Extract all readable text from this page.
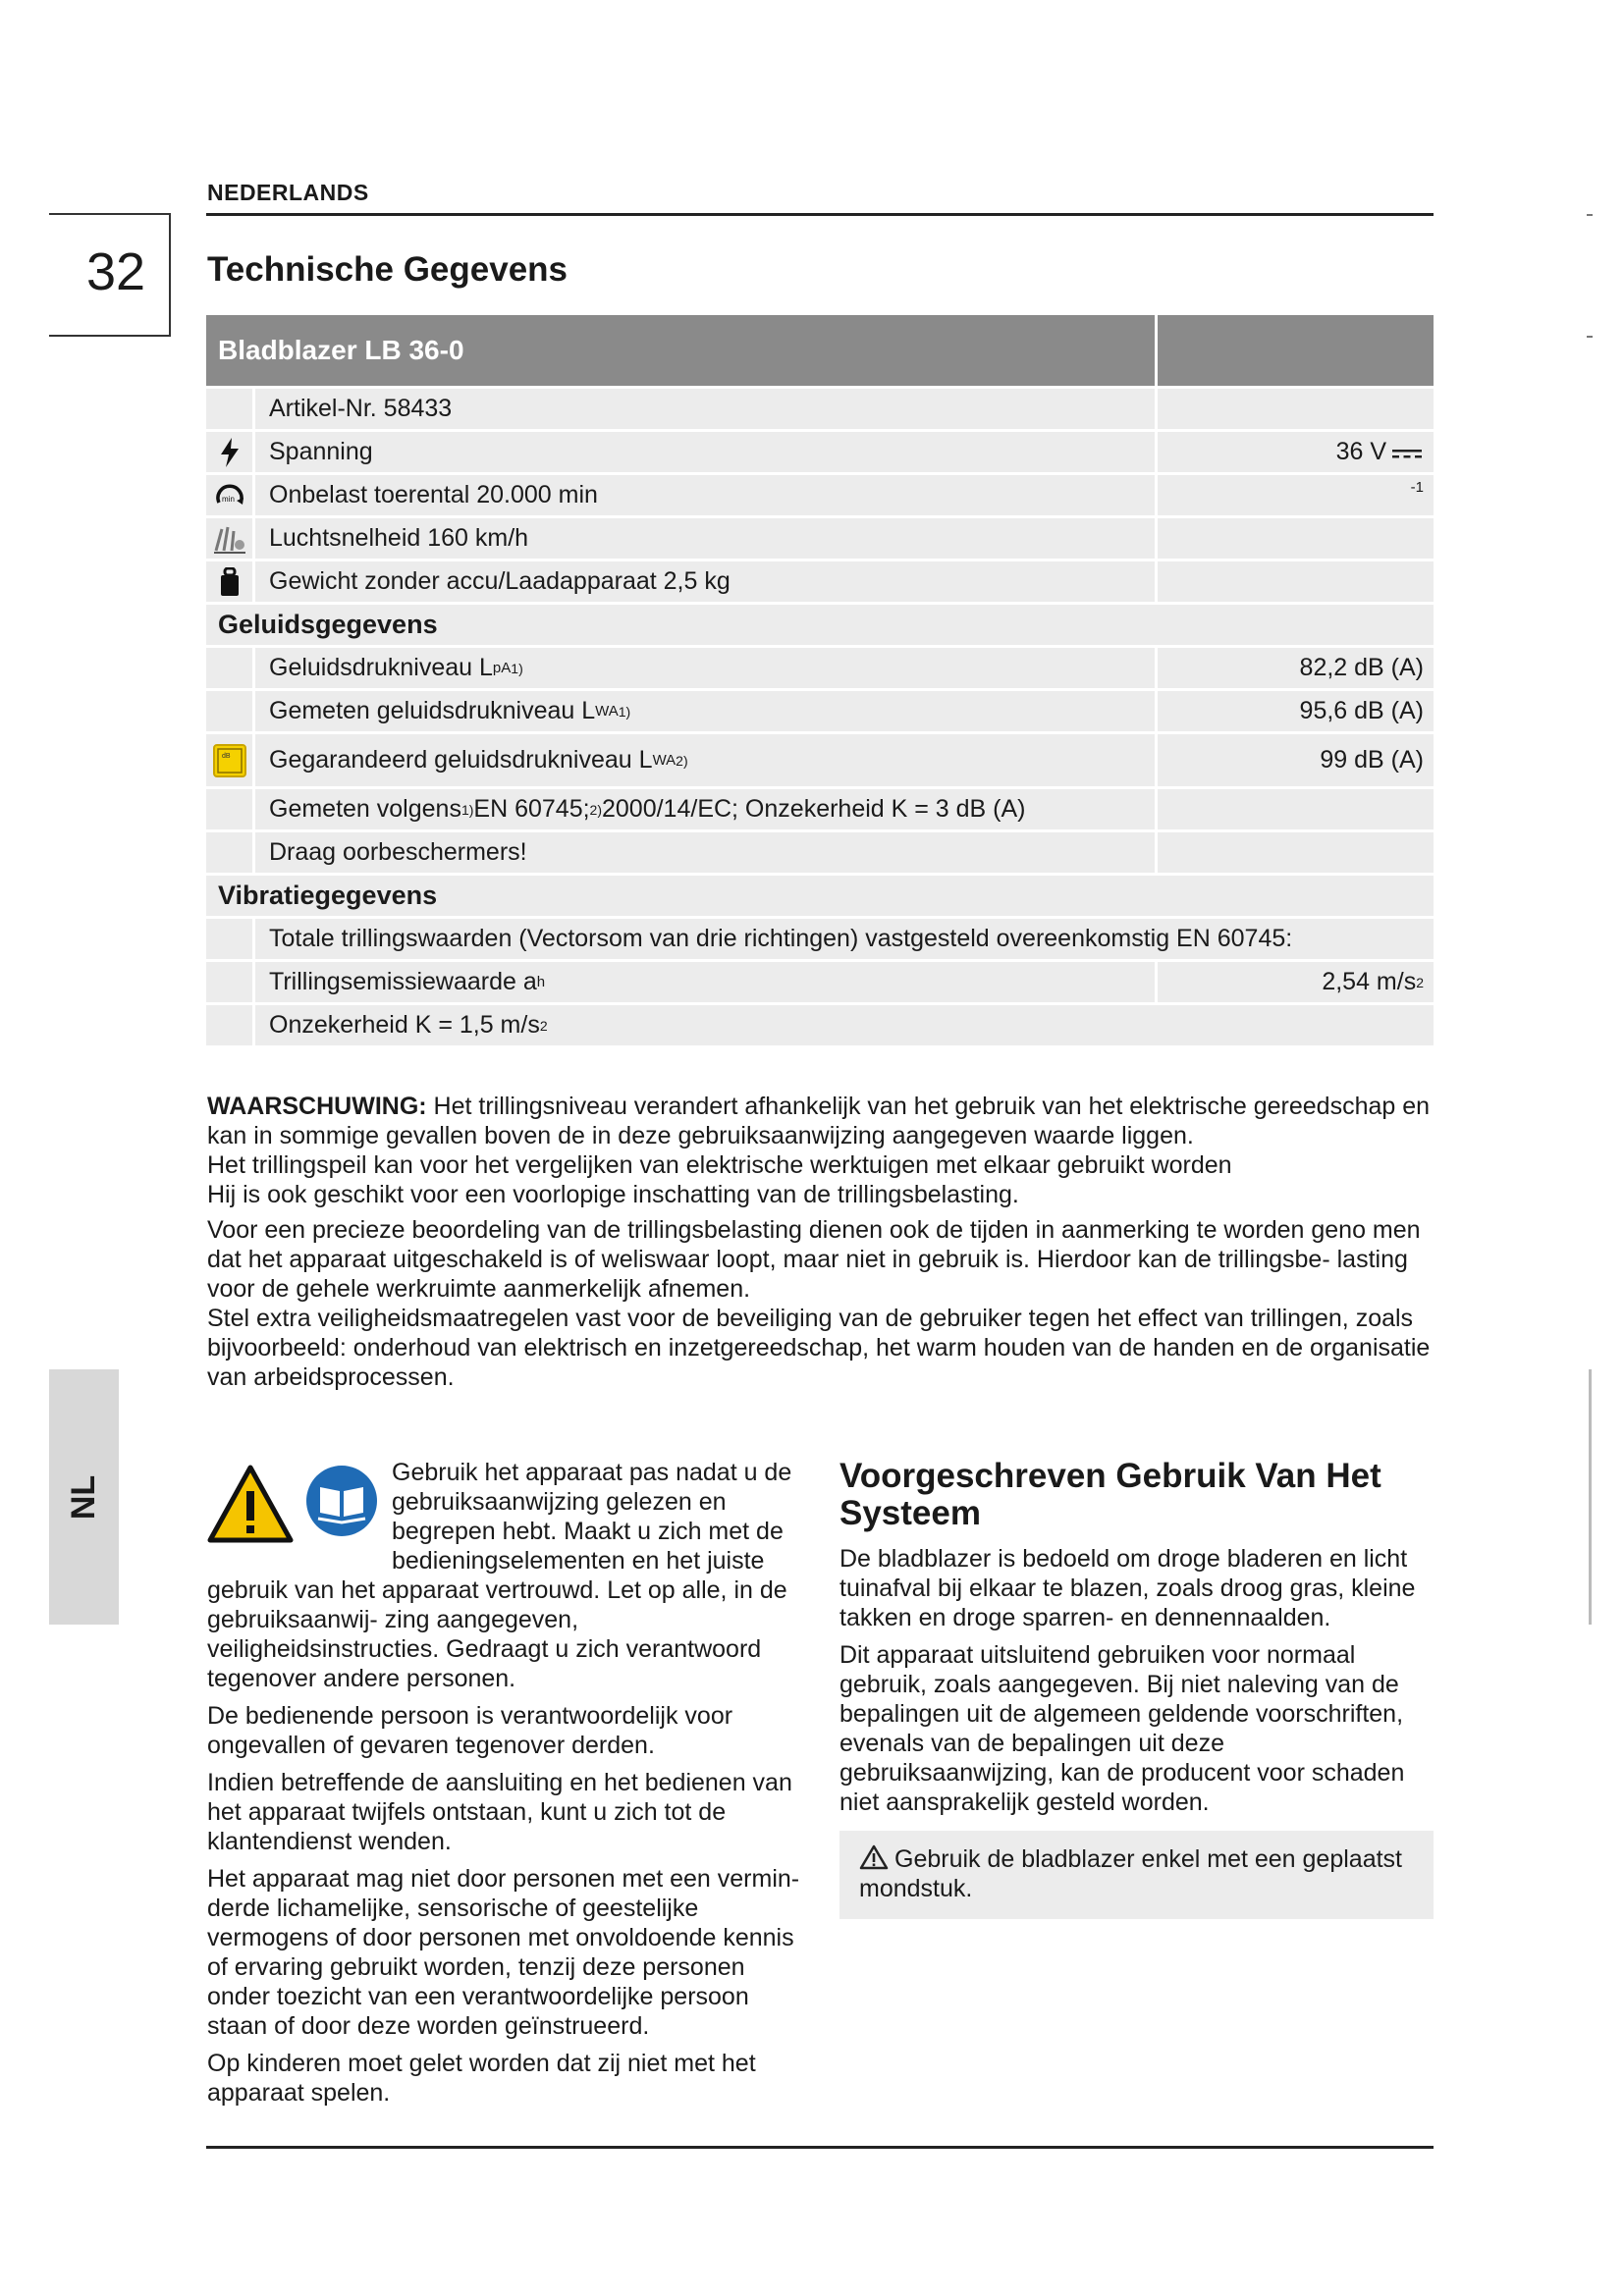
NEDERLANDS
32	Technische Gegevens
NL
Bladblazer LB 36-0
Artikel-Nr. 58433
Spanning	36 V
min Onbelast toerental 20.000 min	-1
Luchtsnelheid 160 km/h
Gewicht zonder accu/Laadapparaat 2,5 kg
Geluidsgegevens
Geluidsdrukniveau L pA 1)	82,2 dB (A)
Gemeten geluidsdrukniveau L WA 1)	95,6 dB (A)
dB Gegarandeerd geluidsdrukniveau L WA 2)	99 dB (A)
Gemeten volgens 1) EN 60745; 2) 2000/14/EC; Onzekerheid K = 3 dB (A)
Draag oorbeschermers!
Vibratiegegevens
Totale trillingswaarden (Vectorsom van drie richtingen) vastgesteld overeenkomstig EN 60745:
Trillingsemissiewaarde a h	2,54 m/s 2
Onzekerheid K = 1,5 m/s 2

WAARSCHUWING: Het trillingsniveau verandert afhankelijk van het gebruik van het elektrische gereedschap en kan in sommige gevallen boven de in deze gebruiksaanwijzing aangegeven waarde liggen.

Het trillingspeil kan voor het vergelijken van elektrische werktuigen met elkaar gebruikt worden

Hij is ook geschikt voor een voorlopige inschatting van de trillingsbelasting.

Voor een precieze beoordeling van de trillingsbelasting dienen ook de tijden in aanmerking te worden geno men dat het apparaat uitgeschakeld is of weliswaar loopt, maar niet in gebruik is. Hierdoor kan de trillingsbe- lasting voor de gehele werkruimte aanmerkelijk afnemen.

Stel extra veiligheidsmaatregelen vast voor de beveiliging van de gebruiker tegen het effect van trillingen, zoals bijvoorbeeld: onderhoud van elektrisch en inzetgereedschap, het warm houden van de handen en de organisatie van arbeidsprocessen.

Gebruik het apparaat pas nadat u de gebruiksaanwijzing gelezen en begrepen hebt. Maakt u zich met de bedieningselementen en het juiste gebruik van het apparaat vertrouwd. Let op alle, in de gebruiksaanwij- zing aangegeven, veiligheidsinstructies. Gedraagt u zich verantwoord tegenover andere personen.

De bedienende persoon is verantwoordelijk voor ongevallen of gevaren tegenover derden.

Indien betreffende de aansluiting en het bedienen van het apparaat twijfels ontstaan, kunt u zich tot de klantendienst wenden.

Het apparaat mag niet door personen met een vermin- derde lichamelijke, sensorische of geestelijke vermogens of door personen met onvoldoende kennis of ervaring gebruikt worden, tenzij deze personen onder toezicht van een verantwoordelijke persoon staan of door deze worden geïnstrueerd.

Op kinderen moet gelet worden dat zij niet met het apparaat spelen.

Voorgeschreven Gebruik Van Het Systeem

De bladblazer is bedoeld om droge bladeren en licht tuinafval bij elkaar te blazen, zoals droog gras, kleine takken en droge sparren- en dennennaalden.

Dit apparaat uitsluitend gebruiken voor normaal gebruik, zoals aangegeven. Bij niet naleving van de bepalingen uit de algemeen geldende voorschriften, evenals van de bepalingen uit deze gebruiksaanwijzing, kan de producent voor schaden niet aansprakelijk gesteld worden.

Gebruik de bladblazer enkel met een geplaatst mondstuk.
